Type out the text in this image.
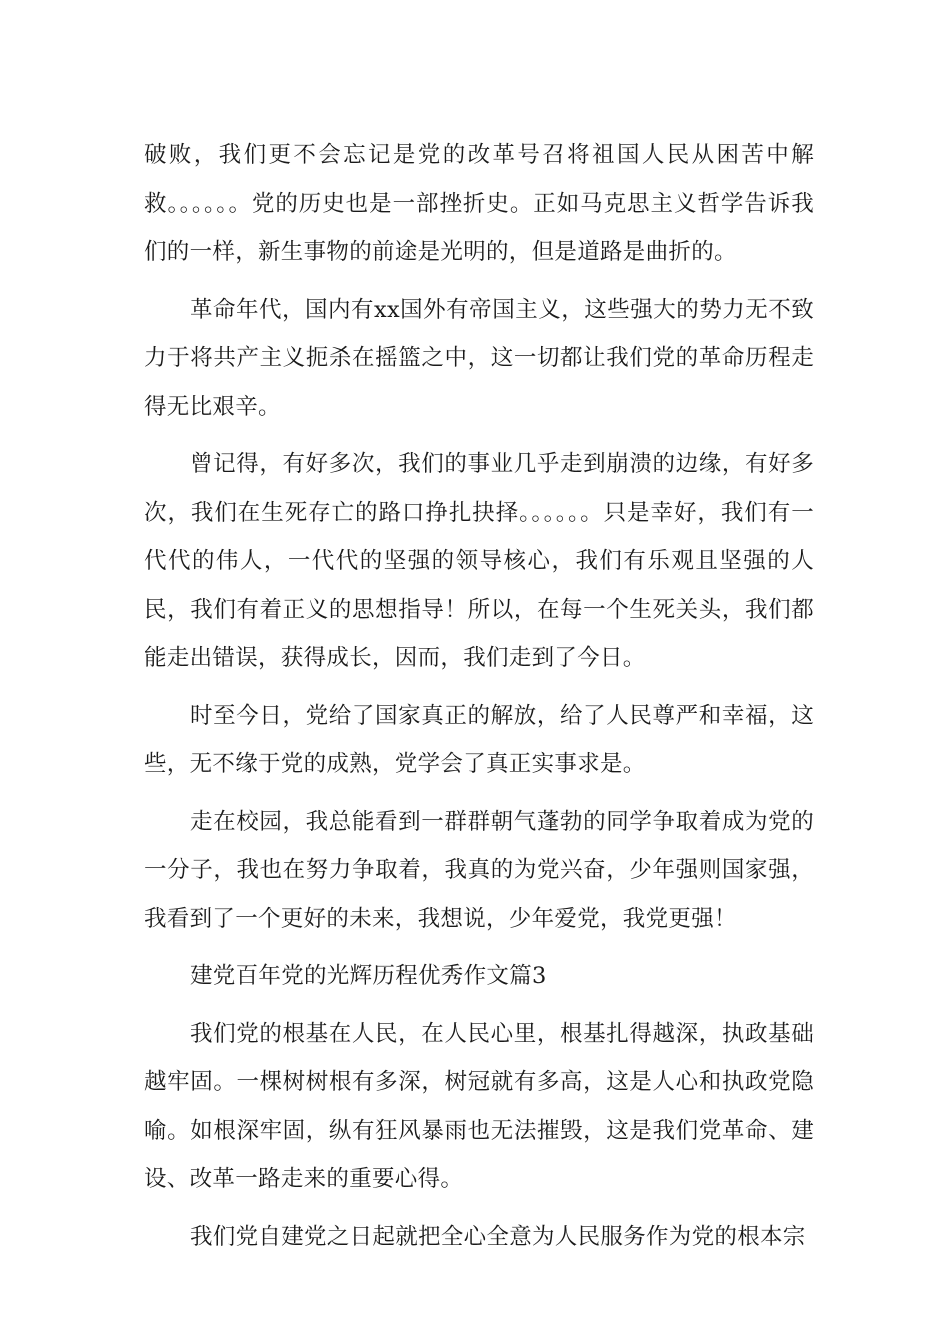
破败，我们更不会忘记是党的改革号召将祖国人民从困苦中解救。。。。。。党的历史也是一部挫折史。正如马克思主义哲学告诉我们的一样，新生事物的前途是光明的，但是道路是曲折的。

革命年代，国内有xx国外有帝国主义，这些强大的势力无不致力于将共产主义扼杀在摇篮之中，这一切都让我们党的革命历程走得无比艰辛。

曾记得，有好多次，我们的事业几乎走到崩溃的边缘，有好多次，我们在生死存亡的路口挣扎抉择。。。。。。只是幸好，我们有一代代的伟人，一代代的坚强的领导核心，我们有乐观且坚强的人民，我们有着正义的思想指导！所以，在每一个生死关头，我们都能走出错误，获得成长，因而，我们走到了今日。

时至今日，党给了国家真正的解放，给了人民尊严和幸福，这些，无不缘于党的成熟，党学会了真正实事求是。

走在校园，我总能看到一群群朝气蓬勃的同学争取着成为党的一分子，我也在努力争取着，我真的为党兴奋，少年强则国家强，我看到了一个更好的未来，我想说，少年爱党，我党更强！

建党百年党的光辉历程优秀作文篇3

我们党的根基在人民，在人民心里，根基扎得越深，执政基础越牢固。一棵树树根有多深，树冠就有多高，这是人心和执政党隐喻。如根深牢固，纵有狂风暴雨也无法摧毁，这是我们党革命、建设、改革一路走来的重要心得。

我们党自建党之日起就把全心全意为人民服务作为党的根本宗
